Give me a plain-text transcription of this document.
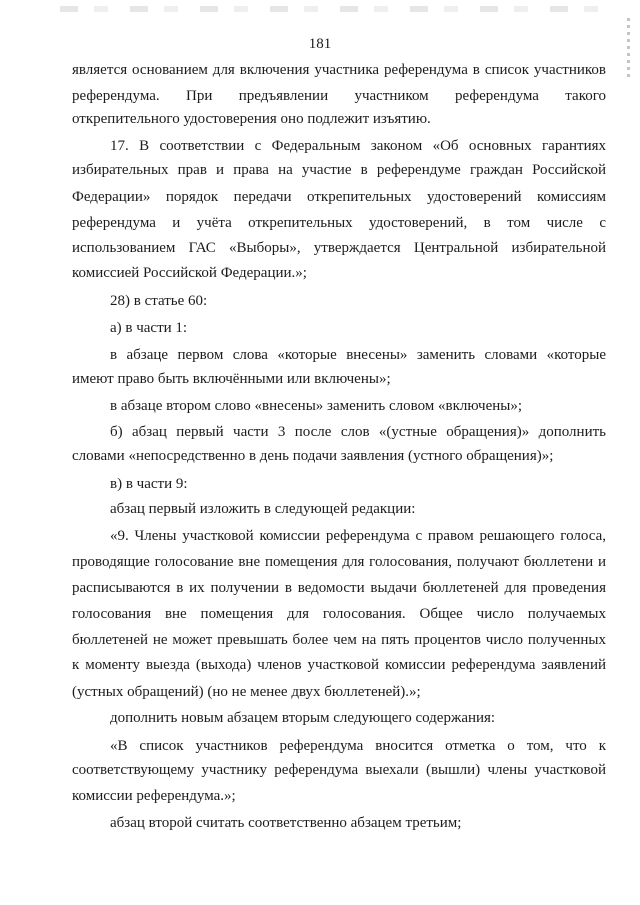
181
является основанием для включения участника референдума в список участников
референдума. При предъявлении участником референдума такого
открепительного удостоверения оно подлежит изъятию.
17. В соответствии с Федеральным законом «Об основных гарантиях
избирательных прав и права на участие в референдуме граждан Российской
Федерации» порядок передачи открепительных удостоверений комиссиям
референдума и учёта открепительных удостоверений, в том числе с
использованием ГАС «Выборы», утверждается Центральной избирательной
комиссией Российской Федерации.»;
28) в статье 60:
а) в части 1:
в абзаце первом слова «которые внесены» заменить словами «которые
имеют право быть включёнными или включены»;
в абзаце втором слово «внесены» заменить словом «включены»;
б) абзац первый части 3 после слов «(устные обращения)» дополнить
словами «непосредственно в день подачи заявления (устного обращения)»;
в) в части 9:
абзац первый изложить в следующей редакции:
«9. Члены участковой комиссии референдума с правом решающего голоса,
проводящие голосование вне помещения для голосования, получают бюллетени и
расписываются в их получении в ведомости выдачи бюллетеней для проведения
голосования вне помещения для голосования. Общее число получаемых
бюллетеней не может превышать более чем на пять процентов число полученных
к моменту выезда (выхода) членов участковой комиссии референдума заявлений
(устных обращений) (но не менее двух бюллетеней).»;
дополнить новым абзацем вторым следующего содержания:
«В список участников референдума вносится отметка о том, что к
соответствующему участнику референдума выехали (вышли) члены участковой
комиссии референдума.»;
абзац второй считать соответственно абзацем третьим;
